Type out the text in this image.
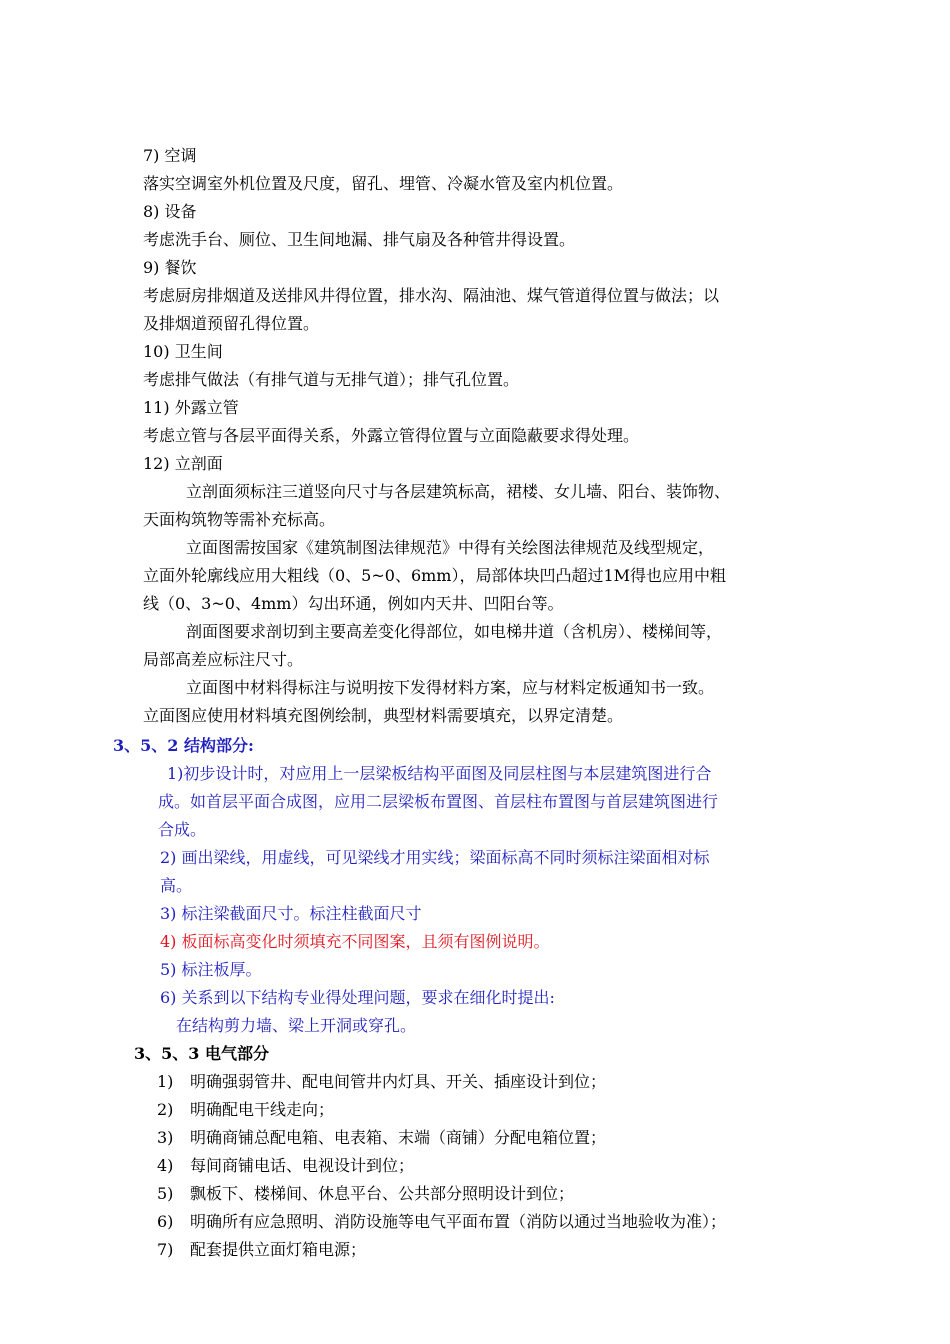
7) 空调
落实空调室外机位置及尺度，留孔、埋管、冷凝水管及室内机位置。
8) 设备
考虑洗手台、厕位、卫生间地漏、排气扇及各种管井得设置。
9) 餐饮
考虑厨房排烟道及送排风井得位置，排水沟、隔油池、煤气管道得位置与做法；以
及排烟道预留孔得位置。
10) 卫生间
考虑排气做法（有排气道与无排气道）；排气孔位置。
11) 外露立管
考虑立管与各层平面得关系，外露立管得位置与立面隐蔽要求得处理。
12) 立剖面
立剖面须标注三道竖向尺寸与各层建筑标高，裙楼、女儿墙、阳台、装饰物、
天面构筑物等需补充标高。
立面图需按国家《建筑制图法律规范》中得有关绘图法律规范及线型规定，
立面外轮廓线应用大粗线（0、5~0、6mm），局部体块凹凸超过1M得也应用中粗
线（0、3~0、4mm）勾出环通，例如内天井、凹阳台等。
剖面图要求剖切到主要高差变化得部位，如电梯井道（含机房）、楼梯间等，
局部高差应标注尺寸。
立面图中材料得标注与说明按下发得材料方案，应与材料定板通知书一致。
立面图应使用材料填充图例绘制，典型材料需要填充，以界定清楚。
3、5、2 结构部分:
1)初步设计时，对应用上一层梁板结构平面图及同层柱图与本层建筑图进行合
成。如首层平面合成图，应用二层梁板布置图、首层柱布置图与首层建筑图进行
合成。
2) 画出梁线，用虚线，可见梁线才用实线；梁面标高不同时须标注梁面相对标
高。
3) 标注梁截面尺寸。标注柱截面尺寸
4) 板面标高变化时须填充不同图案，且须有图例说明。
5) 标注板厚。
6) 关系到以下结构专业得处理问题，要求在细化时提出:
在结构剪力墙、梁上开洞或穿孔。
3、5、3 电气部分
1) 明确强弱管井、配电间管井内灯具、开关、插座设计到位；
2) 明确配电干线走向；
3) 明确商铺总配电箱、电表箱、末端（商铺）分配电箱位置；
4) 每间商铺电话、电视设计到位；
5) 飘板下、楼梯间、休息平台、公共部分照明设计到位；
6) 明确所有应急照明、消防设施等电气平面布置（消防以通过当地验收为准）；
7) 配套提供立面灯箱电源；
